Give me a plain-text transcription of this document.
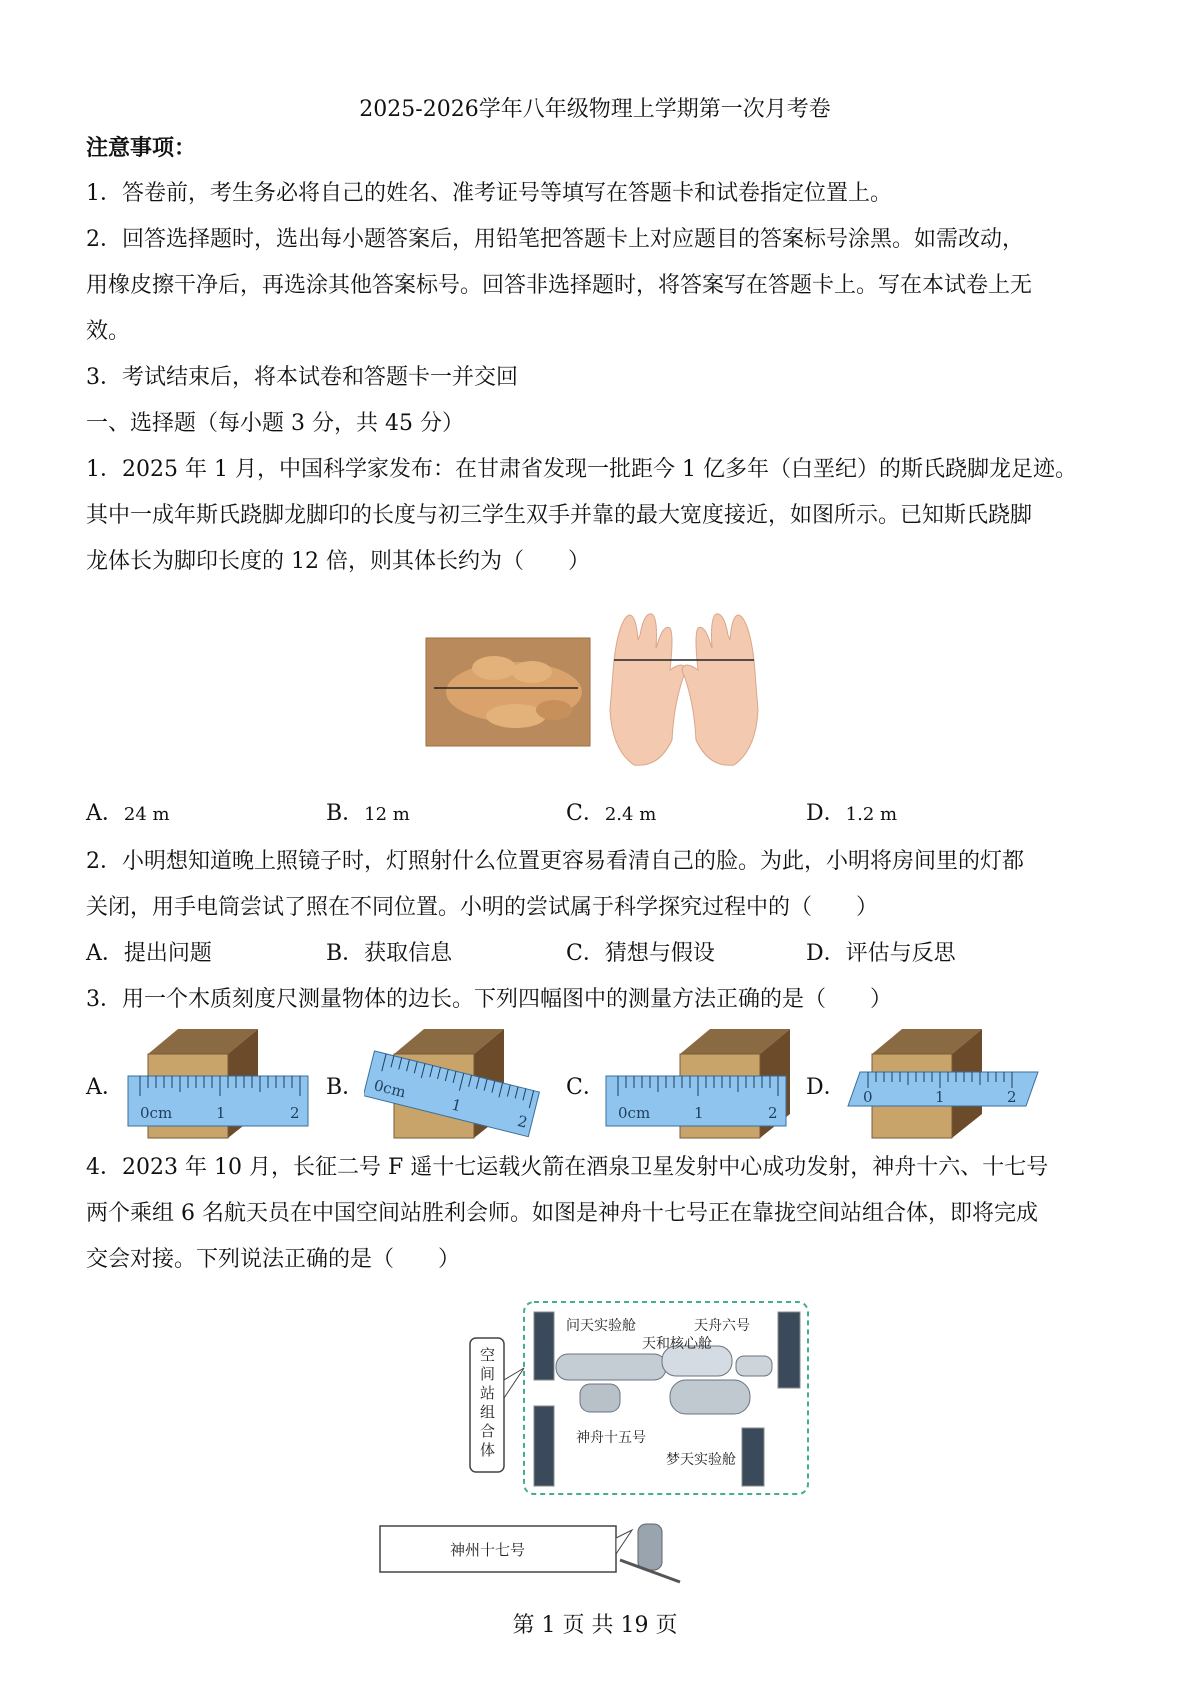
2025-2026学年八年级物理上学期第一次月考卷
注意事项：
1．答卷前，考生务必将自己的姓名、准考证号等填写在答题卡和试卷指定位置上。
2．回答选择题时，选出每小题答案后，用铅笔把答题卡上对应题目的答案标号涂黑。如需改动，
用橡皮擦干净后，再选涂其他答案标号。回答非选择题时，将答案写在答题卡上。写在本试卷上无
效。
3．考试结束后，将本试卷和答题卡一并交回
一、选择题（每小题 3 分，共 45 分）
1．2025 年 1 月，中国科学家发布：在甘肃省发现一批距今 1 亿多年（白垩纪）的斯氏跷脚龙足迹。
其中一成年斯氏跷脚龙脚印的长度与初三学生双手并靠的最大宽度接近，如图所示。已知斯氏跷脚
龙体长为脚印长度的 12 倍，则其体长约为（　　）
A．24 m	B．12 m	C．2.4 m	D．1.2 m
2．小明想知道晚上照镜子时，灯照射什么位置更容易看清自己的脸。为此，小明将房间里的灯都
关闭，用手电筒尝试了照在不同位置。小明的尝试属于科学探究过程中的（　　）
A．提出问题	B．获取信息	C．猜想与假设	D．评估与反思
3．用一个木质刻度尺测量物体的边长。下列四幅图中的测量方法正确的是（　　）
A．	B．	C．	D．
0cm	1	2
0cm
1
2	0cm	1	2
0	1	2
4．2023 年 10 月，长征二号 F 遥十七运载火箭在酒泉卫星发射中心成功发射，神舟十六、十七号
两个乘组 6 名航天员在中国空间站胜利会师。如图是神舟十七号正在靠拢空间站组合体，即将完成
交会对接。下列说法正确的是（　　）
空间站组合体
问天实验舱	天舟六号
天和核心舱
神舟十五号
梦天实验舱
神州十七号
第 1 页 共 19 页
